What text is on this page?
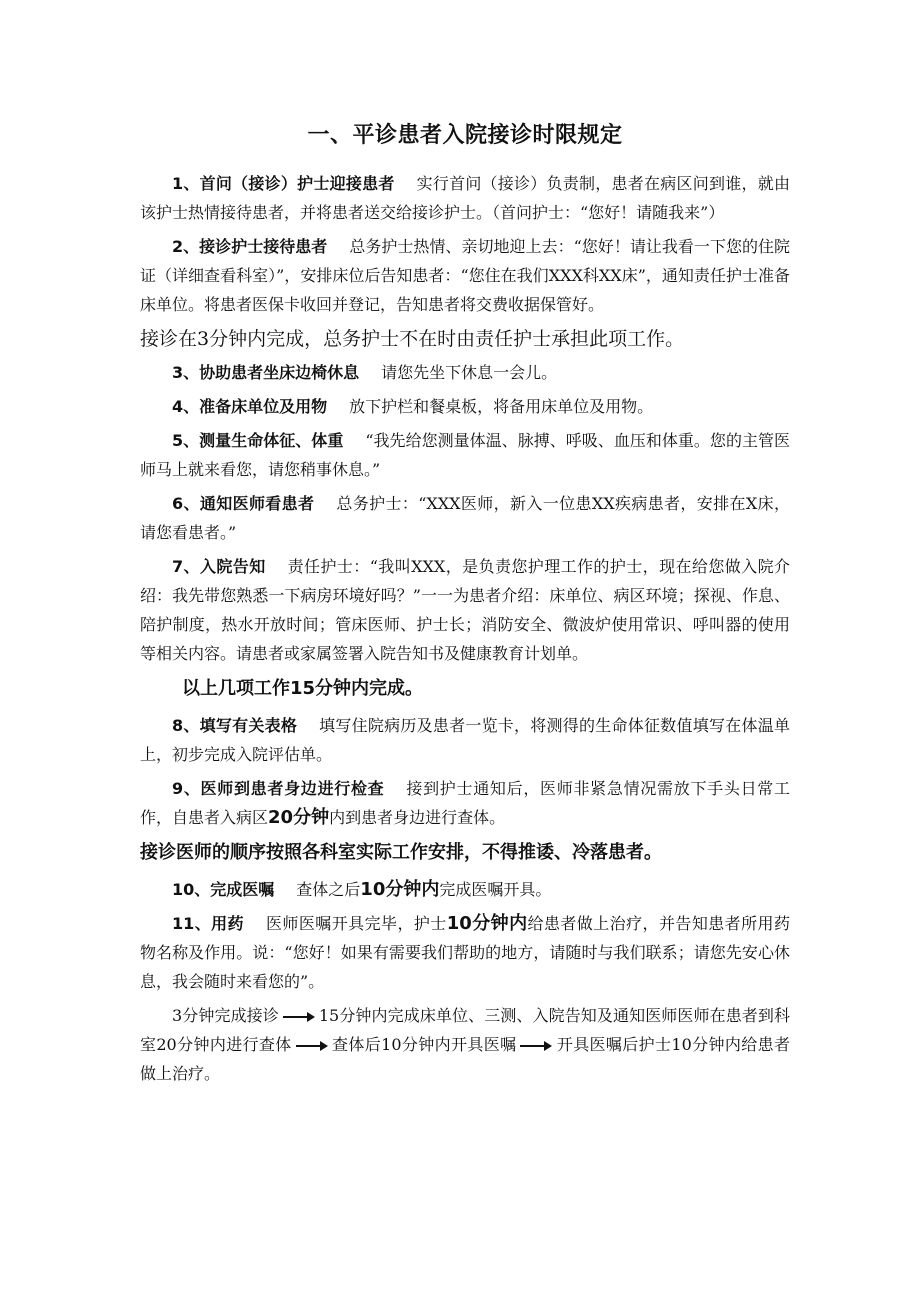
一、平诊患者入院接诊时限规定
1、首问（接诊）护士迎接患者 实行首问（接诊）负责制，患者在病区问到谁，就由该护士热情接待患者，并将患者送交给接诊护士。（首问护士：“您好！请随我来”）
2、接诊护士接待患者 总务护士热情、亲切地迎上去：“您好！请让我看一下您的住院证（详细查看科室）”，安排床位后告知患者：“您住在我们XXX科XX床”，通知责任护士准备床单位。将患者医保卡收回并登记，告知患者将交费收据保管好。
接诊在3分钟内完成，总务护士不在时由责任护士承担此项工作。
3、协助患者坐床边椅休息 请您先坐下休息一会儿。
4、准备床单位及用物 放下护栏和餐桌板，将备用床单位及用物。
5、测量生命体征、体重 “我先给您测量体温、脉搏、呼吸、血压和体重。您的主管医师马上就来看您，请您稍事休息。”
6、通知医师看患者 总务护士：“XXX医师，新入一位患XX疾病患者，安排在X床，请您看患者。”
7、入院告知 责任护士：“我叫XXX，是负责您护理工作的护士，现在给您做入院介绍：我先带您熟悉一下病房环境好吗？”一一为患者介绍：床单位、病区环境；探视、作息、陪护制度，热水开放时间；管床医师、护士长；消防安全、微波炉使用常识、呼叫器的使用等相关内容。请患者或家属签署入院告知书及健康教育计划单。
以上几项工作15分钟内完成。
8、填写有关表格 填写住院病历及患者一览卡，将测得的生命体征数值填写在体温单上，初步完成入院评估单。
9、医师到患者身边进行检查 接到护士通知后，医师非紧急情况需放下手头日常工作，自患者入病区20分钟内到患者身边进行查体。
接诊医师的顺序按照各科室实际工作安排，不得推诿、冷落患者。
10、完成医嘱 查体之后10分钟内完成医嘱开具。
11、用药 医师医嘱开具完毕，护士10分钟内给患者做上治疗，并告知患者所用药物名称及作用。说：“您好！如果有需要我们帮助的地方，请随时与我们联系；请您先安心休息，我会随时来看您的”。
3分钟完成接诊	15分钟内完成床单位、三测、入院告知及通知医师医师在患者到科室20分钟内进行查体	查体后10分钟内开具医嘱	开具医嘱后护士10分钟内给患者做上治疗。
